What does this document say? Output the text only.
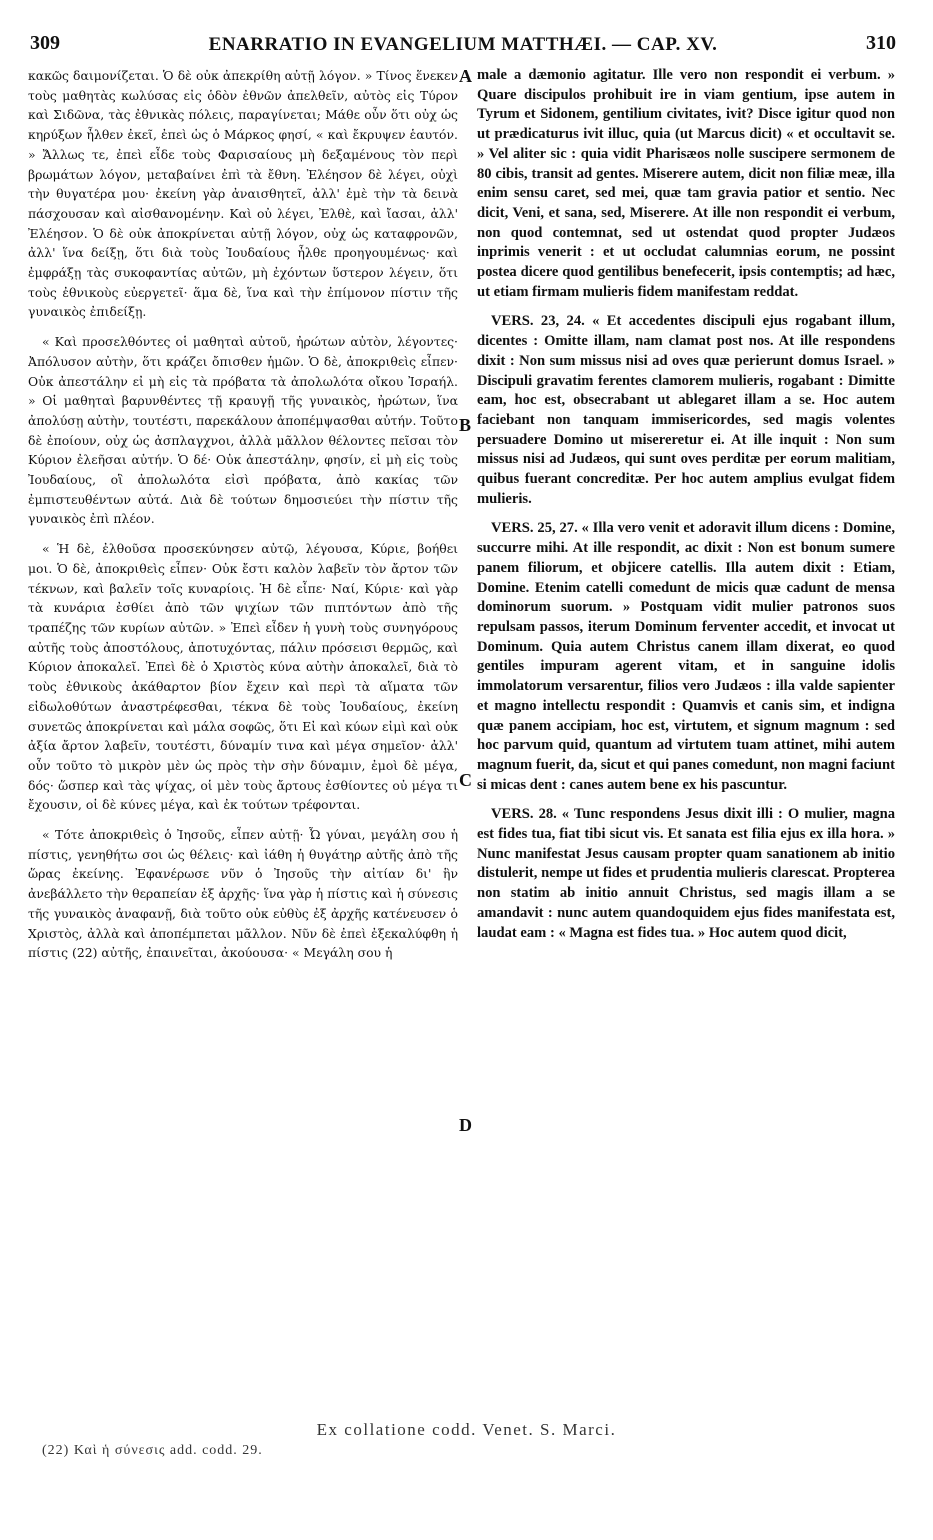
309	ENARRATIO IN EVANGELIUM MATTHÆI. — CAP. XV.	310

κακῶς δαιμονίζεται. Ὁ δὲ οὐκ ἀπεκρίθη αὐτῇ λόγον. » Τίνος ἕνεκεν τοὺς μαθητὰς κωλύσας εἰς ὁδὸν ἐθνῶν ἀπελθεῖν, αὐτὸς εἰς Τύρον καὶ Σιδῶνα, τὰς ἐθνικὰς πόλεις, παραγίνεται; Μάθε οὖν ὅτι οὐχ ὡς κηρύξων ἦλθεν ἐκεῖ, ἐπεὶ ὡς ὁ Μάρκος φησί, « καὶ ἔκρυψεν ἑαυτόν. » Ἄλλως τε, ἐπεὶ εἶδε τοὺς Φαρισαίους μὴ δεξαμένους τὸν περὶ βρωμάτων λόγον, μεταβαίνει ἐπὶ τὰ ἔθνη. Ἐλέησον δὲ λέγει, οὐχὶ τὴν θυγατέρα μου· ἐκείνη γὰρ ἀναισθητεῖ, ἀλλ' ἐμὲ τὴν τὰ δεινὰ πάσχουσαν καὶ αἰσθανομένην. Καὶ οὐ λέγει, Ἐλθὲ, καὶ ἴασαι, ἀλλ' Ἐλέησον. Ὁ δὲ οὐκ ἀποκρίνεται αὐτῇ λόγον, οὐχ ὡς καταφρονῶν, ἀλλ' ἵνα δείξῃ, ὅτι διὰ τοὺς Ἰουδαίους ἦλθε προηγουμένως· καὶ ἐμφράξῃ τὰς συκοφαντίας αὐτῶν, μὴ ἐχόντων ὕστερον λέγειν, ὅτι τοὺς ἐθνικοὺς εὐεργετεῖ· ἅμα δὲ, ἵνα καὶ τὴν ἐπίμονον πίστιν τῆς γυναικὸς ἐπιδείξῃ.

« Καὶ προσελθόντες οἱ μαθηταὶ αὐτοῦ, ἠρώτων αὐτὸν, λέγοντες· Ἀπόλυσον αὐτὴν, ὅτι κράζει ὄπισθεν ἡμῶν. Ὁ δὲ, ἀποκριθεὶς εἶπεν· Οὐκ ἀπεστάλην εἰ μὴ εἰς τὰ πρόβατα τὰ ἀπολωλότα οἴκου Ἰσραήλ. » Οἱ μαθηταὶ βαρυνθέντες τῇ κραυγῇ τῆς γυναικὸς, ἠρώτων, ἵνα ἀπολύσῃ αὐτὴν, τουτέστι, παρεκάλουν ἀποπέμψασθαι αὐτήν. Τοῦτο δὲ ἐποίουν, οὐχ ὡς ἀσπλαγχνοι, ἀλλὰ μᾶλλον θέλοντες πεῖσαι τὸν Κύριον ἐλεῆσαι αὐτήν. Ὁ δέ· Οὐκ ἀπεστάλην, φησίν, εἰ μὴ εἰς τοὺς Ἰουδαίους, οἳ ἀπολωλότα εἰσὶ πρόβατα, ἀπὸ κακίας τῶν ἐμπιστευθέντων αὐτά. Διὰ δὲ τούτων δημοσιεύει τὴν πίστιν τῆς γυναικὸς ἐπὶ πλέον.

« Ἡ δὲ, ἐλθοῦσα προσεκύνησεν αὐτῷ, λέγουσα, Κύριε, βοήθει μοι. Ὁ δὲ, ἀποκριθεὶς εἶπεν· Οὐκ ἔστι καλὸν λαβεῖν τὸν ἄρτον τῶν τέκνων, καὶ βαλεῖν τοῖς κυναρίοις. Ἡ δὲ εἶπε· Ναί, Κύριε· καὶ γὰρ τὰ κυνάρια ἐσθίει ἀπὸ τῶν ψιχίων τῶν πιπτόντων ἀπὸ τῆς τραπέζης τῶν κυρίων αὐτῶν. » Ἐπεὶ εἶδεν ἡ γυνὴ τοὺς συνηγόρους αὐτῆς τοὺς ἀποστόλους, ἀποτυχόντας, πάλιν πρόσεισι θερμῶς, καὶ Κύριον ἀποκαλεῖ. Ἐπεὶ δὲ ὁ Χριστὸς κύνα αὐτὴν ἀποκαλεῖ, διὰ τὸ τοὺς ἐθνικοὺς ἀκάθαρτον βίον ἔχειν καὶ περὶ τὰ αἵματα τῶν εἰδωλοθύτων ἀναστρέφεσθαι, τέκνα δὲ τοὺς Ἰουδαίους, ἐκείνη συνετῶς ἀποκρίνεται καὶ μάλα σοφῶς, ὅτι Εἰ καὶ κύων εἰμὶ καὶ οὐκ ἀξία ἄρτον λαβεῖν, τουτέστι, δύναμίν τινα καὶ μέγα σημεῖον· ἀλλ' οὖν τοῦτο τὸ μικρὸν μὲν ὡς πρὸς τὴν σὴν δύναμιν, ἐμοὶ δὲ μέγα, δός· ὥσπερ καὶ τὰς ψίχας, οἱ μὲν τοὺς ἄρτους ἐσθίοντες οὐ μέγα τι ἔχουσιν, οἱ δὲ κύνες μέγα, καὶ ἐκ τούτων τρέφονται.

« Τότε ἀποκριθεὶς ὁ Ἰησοῦς, εἶπεν αὐτῇ· Ὦ γύναι, μεγάλη σου ἡ πίστις, γενηθήτω σοι ὡς θέλεις· καὶ ἰάθη ἡ θυγάτηρ αὐτῆς ἀπὸ τῆς ὥρας ἐκείνης. Ἐφανέρωσε νῦν ὁ Ἰησοῦς τὴν αἰτίαν δι' ἣν ἀνεβάλλετο τὴν θεραπείαν ἐξ ἀρχῆς· ἵνα γὰρ ἡ πίστις καὶ ἡ σύνεσις τῆς γυναικὸς ἀναφανῇ, διὰ τοῦτο οὐκ εὐθὺς ἐξ ἀρχῆς κατένευσεν ὁ Χριστὸς, ἀλλὰ καὶ ἀποπέμπεται μᾶλλον. Νῦν δὲ ἐπεὶ ἐξεκαλύφθη ἡ πίστις (22) αὐτῆς, ἐπαινεῖται, ἀκούουσα· « Μεγάλη σου ἡ

A
B
C
D

male a dæmonio agitatur. Ille vero non respondit ei verbum. » Quare discipulos prohibuit ire in viam gentium, ipse autem in Tyrum et Sidonem, gentilium civitates, ivit? Disce igitur quod non ut prædicaturus ivit illuc, quia (ut Marcus dicit) « et occultavit se. » Vel aliter sic : quia vidit Pharisæos nolle suscipere sermonem de 80 cibis, transit ad gentes. Miserere autem, dicit non filiæ meæ, illa enim sensu caret, sed mei, quæ tam gravia patior et sentio. Nec dicit, Veni, et sana, sed, Miserere. At ille non respondit ei verbum, non quod contemnat, sed ut ostendat quod propter Judæos inprimis venerit : et ut occludat calumnias eorum, ne possint postea dicere quod gentilibus benefecerit, ipsis contemptis; ad hæc, ut etiam firmam mulieris fidem manifestam reddat.

VERS. 23, 24. « Et accedentes discipuli ejus rogabant illum, dicentes : Omitte illam, nam clamat post nos. At ille respondens dixit : Non sum missus nisi ad oves quæ perierunt domus Israel. » Discipuli gravatim ferentes clamorem mulieris, rogabant : Dimitte eam, hoc est, obsecrabant ut ablegaret illam a se. Hoc autem faciebant non tanquam immisericordes, sed magis volentes persuadere Domino ut misereretur ei. At ille inquit : Non sum missus nisi ad Judæos, qui sunt oves perditæ per eorum malitiam, quibus fuerant concreditæ. Per hoc autem amplius evulgat fidem mulieris.

VERS. 25, 27. « Illa vero venit et adoravit illum dicens : Domine, succurre mihi. At ille respondit, ac dixit : Non est bonum sumere panem filiorum, et objicere catellis. Illa autem dixit : Etiam, Domine. Etenim catelli comedunt de micis quæ cadunt de mensa dominorum suorum. » Postquam vidit mulier patronos suos repulsam passos, iterum Dominum ferventer accedit, et invocat ut Dominum. Quia autem Christus canem illam dixerat, eo quod gentiles impuram agerent vitam, et in sanguine idolis immolatorum versarentur, filios vero Judæos : illa valde sapienter et magno intellectu respondit : Quamvis et canis sim, et indigna quæ panem accipiam, hoc est, virtutem, et signum magnum : sed hoc parvum quid, quantum ad virtutem tuam attinet, mihi autem magnum fuerit, da, sicut et qui panes comedunt, non magni faciunt si micas dent : canes autem bene ex his pascuntur.

VERS. 28. « Tunc respondens Jesus dixit illi : O mulier, magna est fides tua, fiat tibi sicut vis. Et sanata est filia ejus ex illa hora. » Nunc manifestat Jesus causam propter quam sanationem ab initio distulerit, nempe ut fides et prudentia mulieris clarescat. Propterea non statim ab initio annuit Christus, sed magis illam a se amandavit : nunc autem quandoquidem ejus fides manifestata est, laudat eam : « Magna est fides tua. » Hoc autem quod dicit,

Ex collatione codd. Venet. S. Marci.
(22) Καὶ ἡ σύνεσις add. codd. 29.
